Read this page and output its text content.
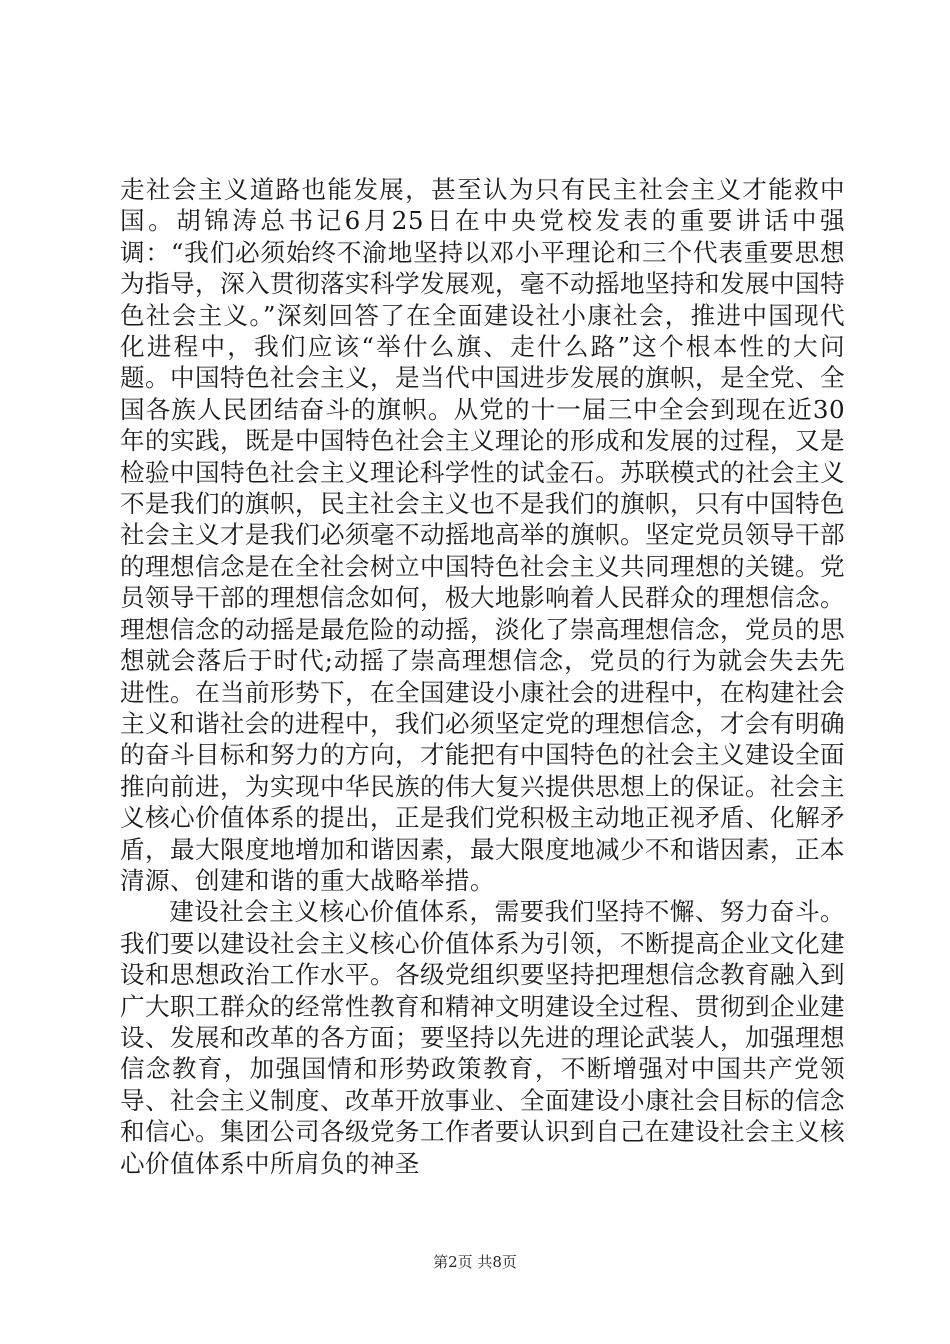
走社会主义道路也能发展，甚至认为只有民主社会主义才能救中国。胡锦涛总书记6月25日在中央党校发表的重要讲话中强调：“我们必须始终不渝地坚持以邓小平理论和三个代表重要思想为指导，深入贯彻落实科学发展观，毫不动摇地坚持和发展中国特色社会主义。”深刻回答了在全面建设社小康社会，推进中国现代化进程中，我们应该“举什么旗、走什么路”这个根本性的大问题。中国特色社会主义，是当代中国进步发展的旗帜，是全党、全国各族人民团结奋斗的旗帜。从党的十一届三中全会到现在近30年的实践，既是中国特色社会主义理论的形成和发展的过程，又是检验中国特色社会主义理论科学性的试金石。苏联模式的社会主义不是我们的旗帜，民主社会主义也不是我们的旗帜，只有中国特色社会主义才是我们必须毫不动摇地高举的旗帜。坚定党员领导干部的理想信念是在全社会树立中国特色社会主义共同理想的关键。党员领导干部的理想信念如何，极大地影响着人民群众的理想信念。理想信念的动摇是最危险的动摇，淡化了崇高理想信念，党员的思想就会落后于时代;动摇了崇高理想信念，党员的行为就会失去先进性。在当前形势下，在全国建设小康社会的进程中，在构建社会主义和谐社会的进程中，我们必须坚定党的理想信念，才会有明确的奋斗目标和努力的方向，才能把有中国特色的社会主义建设全面推向前进，为实现中华民族的伟大复兴提供思想上的保证。社会主义核心价值体系的提出，正是我们党积极主动地正视矛盾、化解矛盾，最大限度地增加和谐因素，最大限度地减少不和谐因素，正本清源、创建和谐的重大战略举措。

建设社会主义核心价值体系，需要我们坚持不懈、努力奋斗。我们要以建设社会主义核心价值体系为引领，不断提高企业文化建设和思想政治工作水平。各级党组织要坚持把理想信念教育融入到广大职工群众的经常性教育和精神文明建设全过程、贯彻到企业建设、发展和改革的各方面；要坚持以先进的理论武装人，加强理想信念教育，加强国情和形势政策教育，不断增强对中国共产党领导、社会主义制度、改革开放事业、全面建设小康社会目标的信念和信心。集团公司各级党务工作者要认识到自己在建设社会主义核心价值体系中所肩负的神圣

第2页 共8页
